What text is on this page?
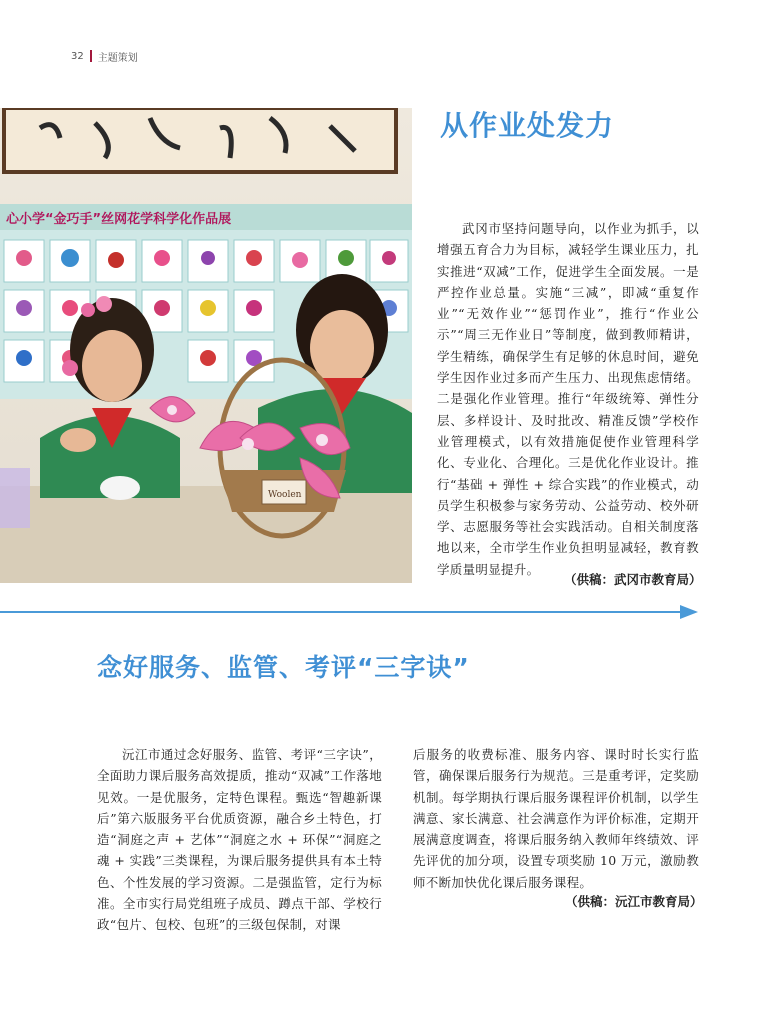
32 主题策划
心小学“金巧手”丝网花学科学化作品展
Woolen
从作业处发力

武冈市坚持问题导向，以作业为抓手，以增强五育合力为目标，减轻学生课业压力，扎实推进“双减”工作，促进学生全面发展。一是严控作业总量。实施“三减”，即减“重复作业”“无效作业”“惩罚作业”，推行“作业公示”“周三无作业日”等制度，做到教师精讲，学生精练，确保学生有足够的休息时间，避免学生因作业过多而产生压力、出现焦虑情绪。二是强化作业管理。推行“年级统筹、弹性分层、多样设计、及时批改、精准反馈”学校作业管理模式，以有效措施促使作业管理科学化、专业化、合理化。三是优化作业设计。推行“基础 + 弹性 + 综合实践”的作业模式，动员学生积极参与家务劳动、公益劳动、校外研学、志愿服务等社会实践活动。自相关制度落地以来，全市学生作业负担明显减轻，教育教学质量明显提升。

（供稿：武冈市教育局）
念好服务、监管、考评“三字诀”

沅江市通过念好服务、监管、考评“三字诀”，全面助力课后服务高效提质，推动“双减”工作落地见效。一是优服务，定特色课程。甄选“智趣新课后”第六版服务平台优质资源，融合乡土特色，打造“洞庭之声 + 艺体”“洞庭之水 + 环保”“洞庭之魂 + 实践”三类课程，为课后服务提供具有本土特色、个性发展的学习资源。二是强监管，定行为标准。全市实行局党组班子成员、蹲点干部、学校行政“包片、包校、包班”的三级包保制，对课

后服务的收费标准、服务内容、课时时长实行监管，确保课后服务行为规范。三是重考评，定奖励机制。每学期执行课后服务课程评价机制，以学生满意、家长满意、社会满意作为评价标准，定期开展满意度调查，将课后服务纳入教师年终绩效、评先评优的加分项，设置专项奖励 10 万元，激励教师不断加快优化课后服务课程。

（供稿：沅江市教育局）
